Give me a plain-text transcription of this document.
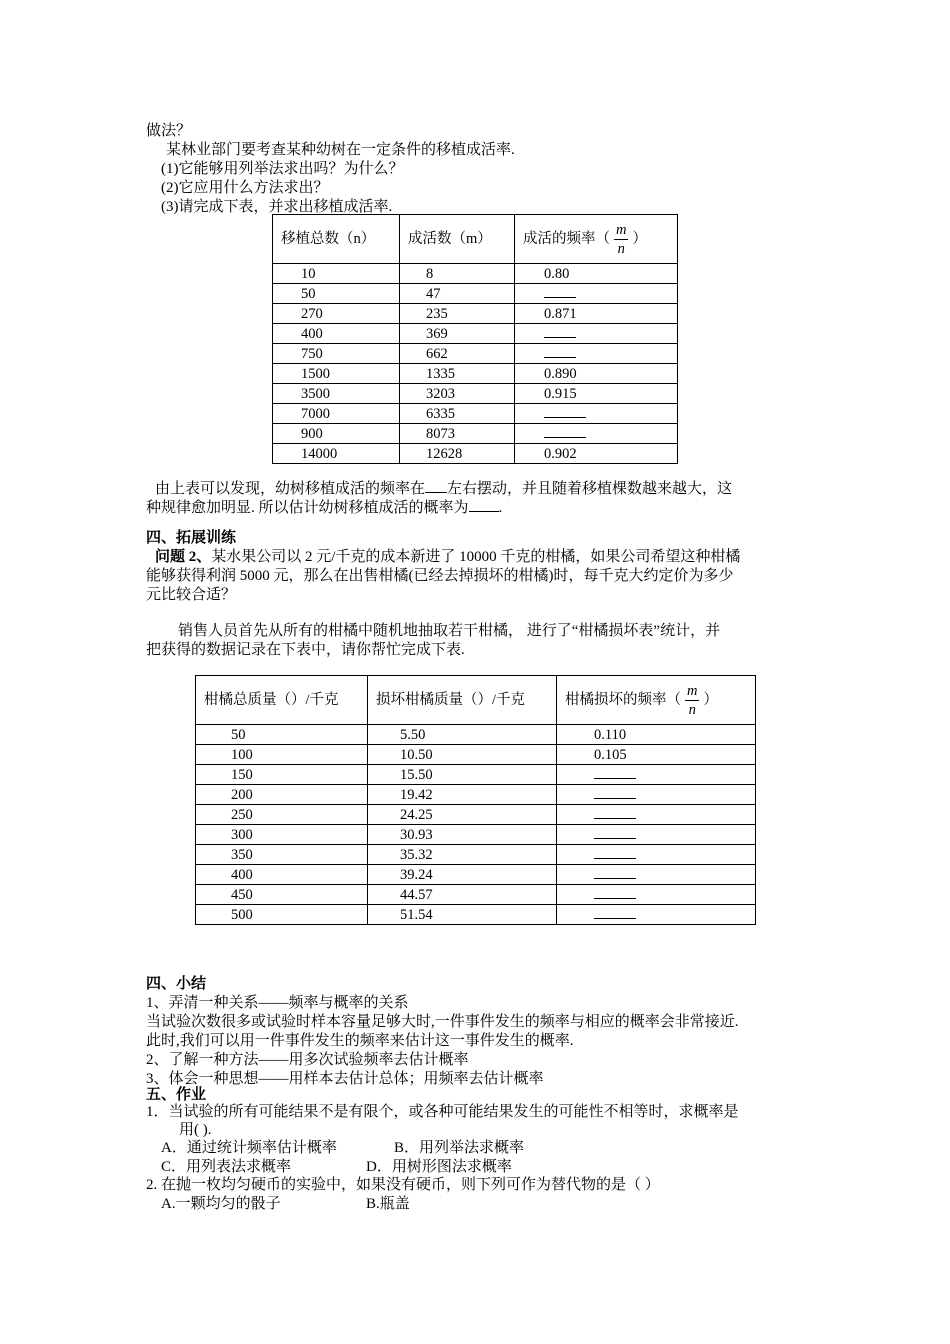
做法？
某林业部门要考查某种幼树在一定条件的移植成活率.
(1)它能够用列举法求出吗？为什么？
(2)它应用什么方法求出？
(3)请完成下表，并求出移植成活率.
移植总数（n）	成活数（m）	成活的频率（ $\frac{m}{n}$ ）
10	8	0.80
50	47	
270	235	0.871
400	369	
750	662	
1500	1335	0.890
3500	3203	0.915
7000	6335	
900	8073	
14000	12628	0.902
由上表可以发现，幼树移植成活的频率在 左右摆动，并且随着移植棵数越来越大，这
种规律愈加明显. 所以估计幼树移植成活的概率为 .
四、拓展训练
问题 2、某水果公司以 2 元/千克的成本新进了 10000 千克的柑橘，如果公司希望这种柑橘
能够获得利润 5000 元，那么在出售柑橘(已经去掉损坏的柑橘)时，每千克大约定价为多少
元比较合适？
销售人员首先从所有的柑橘中随机地抽取若干柑橘， 进行了“柑橘损坏表”统计，并
把获得的数据记录在下表中，请你帮忙完成下表.
柑橘总质量（）/千克	损坏柑橘质量（）/千克	柑橘损坏的频率（ $\frac{m}{n}$ ）
50	5.50	0.110
100	10.50	0.105
150	15.50	
200	19.42	
250	24.25	
300	30.93	
350	35.32	
400	39.24	
450	44.57	
500	51.54	
四、小结
1、弄清一种关系——频率与概率的关系
当试验次数很多或试验时样本容量足够大时,一件事件发生的频率与相应的概率会非常接近.
此时,我们可以用一件事件发生的频率来估计这一事件发生的概率.
2、了解一种方法——用多次试验频率去估计概率
3、体会一种思想——用样本去估计总体；用频率去估计概率
五、作业
1．当试验的所有可能结果不是有限个，或各种可能结果发生的可能性不相等时，求概率是
用( ).
A．通过统计频率估计概率	B．用列举法求概率
C．用列表法求概率	D．用树形图法求概率
2. 在抛一枚均匀硬币的实验中，如果没有硬币，则下列可作为替代物的是（ ）
A.一颗均匀的骰子	B.瓶盖
